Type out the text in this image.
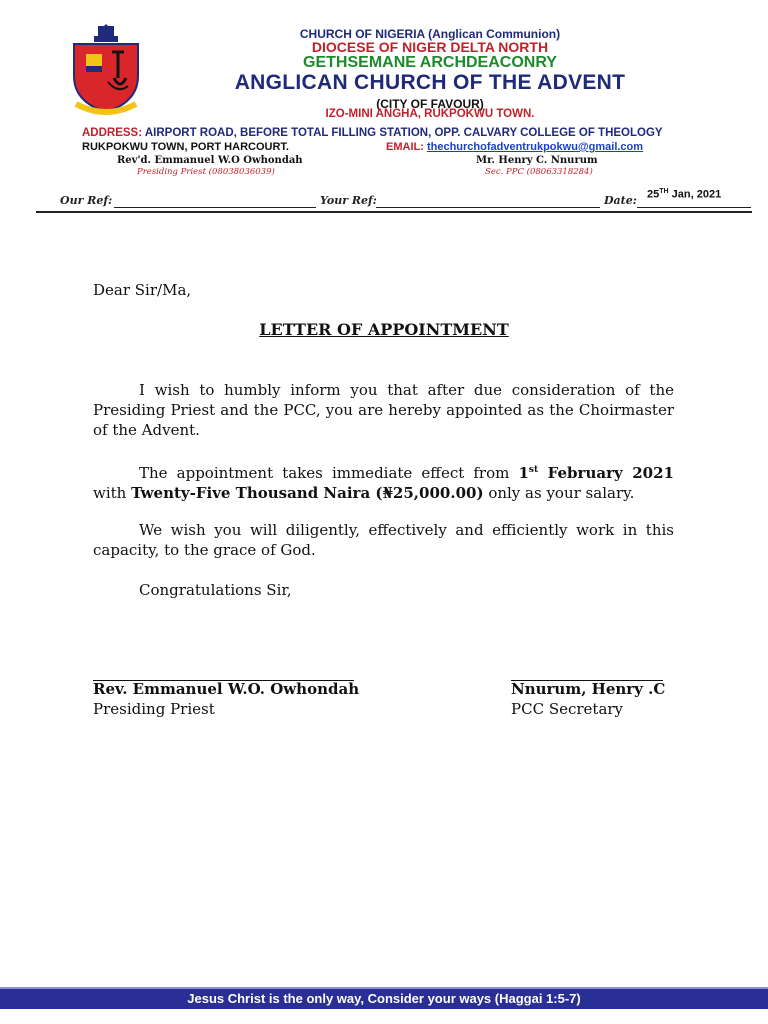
CHURCH OF NIGERIA (Anglican Communion)
DIOCESE OF NIGER DELTA NORTH
GETHSEMANE ARCHDEACONRY
ANGLICAN CHURCH OF THE ADVENT
(CITY OF FAVOUR)
IZO-MINI ANGHA, RUKPOKWU TOWN.
ADDRESS: AIRPORT ROAD, BEFORE TOTAL FILLING STATION, OPP. CALVARY COLLEGE OF THEOLOGY
RUKPOKWU TOWN, PORT HARCOURT.	EMAIL: thechurchofadventrukpokwu@gmail.com
Rev'd. Emmanuel W.O Owhondah
Presiding Priest (08038036039)
Mr. Henry C. Nnurum
Sec. PPC (08063318284)
Our Ref:	Your Ref:	Date: 25TH Jan, 2021
Dear Sir/Ma,
LETTER OF APPOINTMENT
I wish to humbly inform you that after due consideration of the Presiding Priest and the PCC, you are hereby appointed as the Choirmaster of the Advent.
The appointment takes immediate effect from 1st February 2021 with Twenty-Five Thousand Naira (₦25,000.00) only as your salary.
We wish you will diligently, effectively and efficiently work in this capacity, to the grace of God.
Congratulations Sir,
Rev. Emmanuel W.O. Owhondah
Presiding Priest
Nnurum, Henry .C
PCC Secretary
Jesus Christ is the only way, Consider your ways (Haggai 1:5-7)
